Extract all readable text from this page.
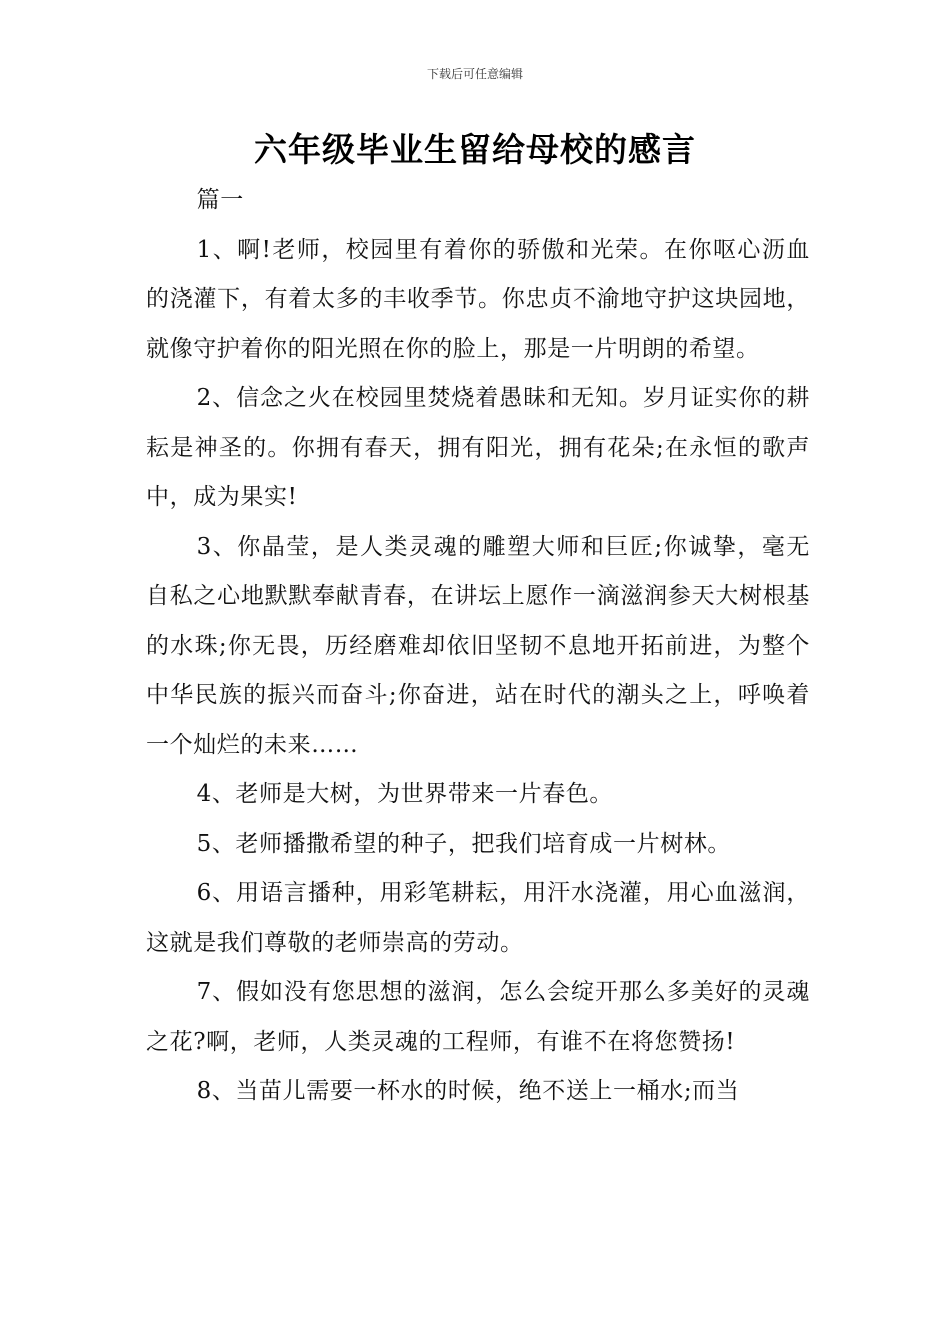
下载后可任意编辑
六年级毕业生留给母校的感言

篇一

1、啊!老师，校园里有着你的骄傲和光荣。在你呕心沥血的浇灌下，有着太多的丰收季节。你忠贞不渝地守护这块园地，就像守护着你的阳光照在你的脸上，那是一片明朗的希望。

2、信念之火在校园里焚烧着愚昧和无知。岁月证实你的耕耘是神圣的。你拥有春天，拥有阳光，拥有花朵;在永恒的歌声中，成为果实!

3、你晶莹，是人类灵魂的雕塑大师和巨匠;你诚挚，毫无自私之心地默默奉献青春，在讲坛上愿作一滴滋润参天大树根基的水珠;你无畏，历经磨难却依旧坚韧不息地开拓前进，为整个中华民族的振兴而奋斗;你奋进，站在时代的潮头之上，呼唤着一个灿烂的未来……

4、老师是大树，为世界带来一片春色。

5、老师播撒希望的种子，把我们培育成一片树林。

6、用语言播种，用彩笔耕耘，用汗水浇灌，用心血滋润，这就是我们尊敬的老师崇高的劳动。

7、假如没有您思想的滋润，怎么会绽开那么多美好的灵魂之花?啊，老师，人类灵魂的工程师，有谁不在将您赞扬!

8、当苗儿需要一杯水的时候，绝不送上一桶水;而当
